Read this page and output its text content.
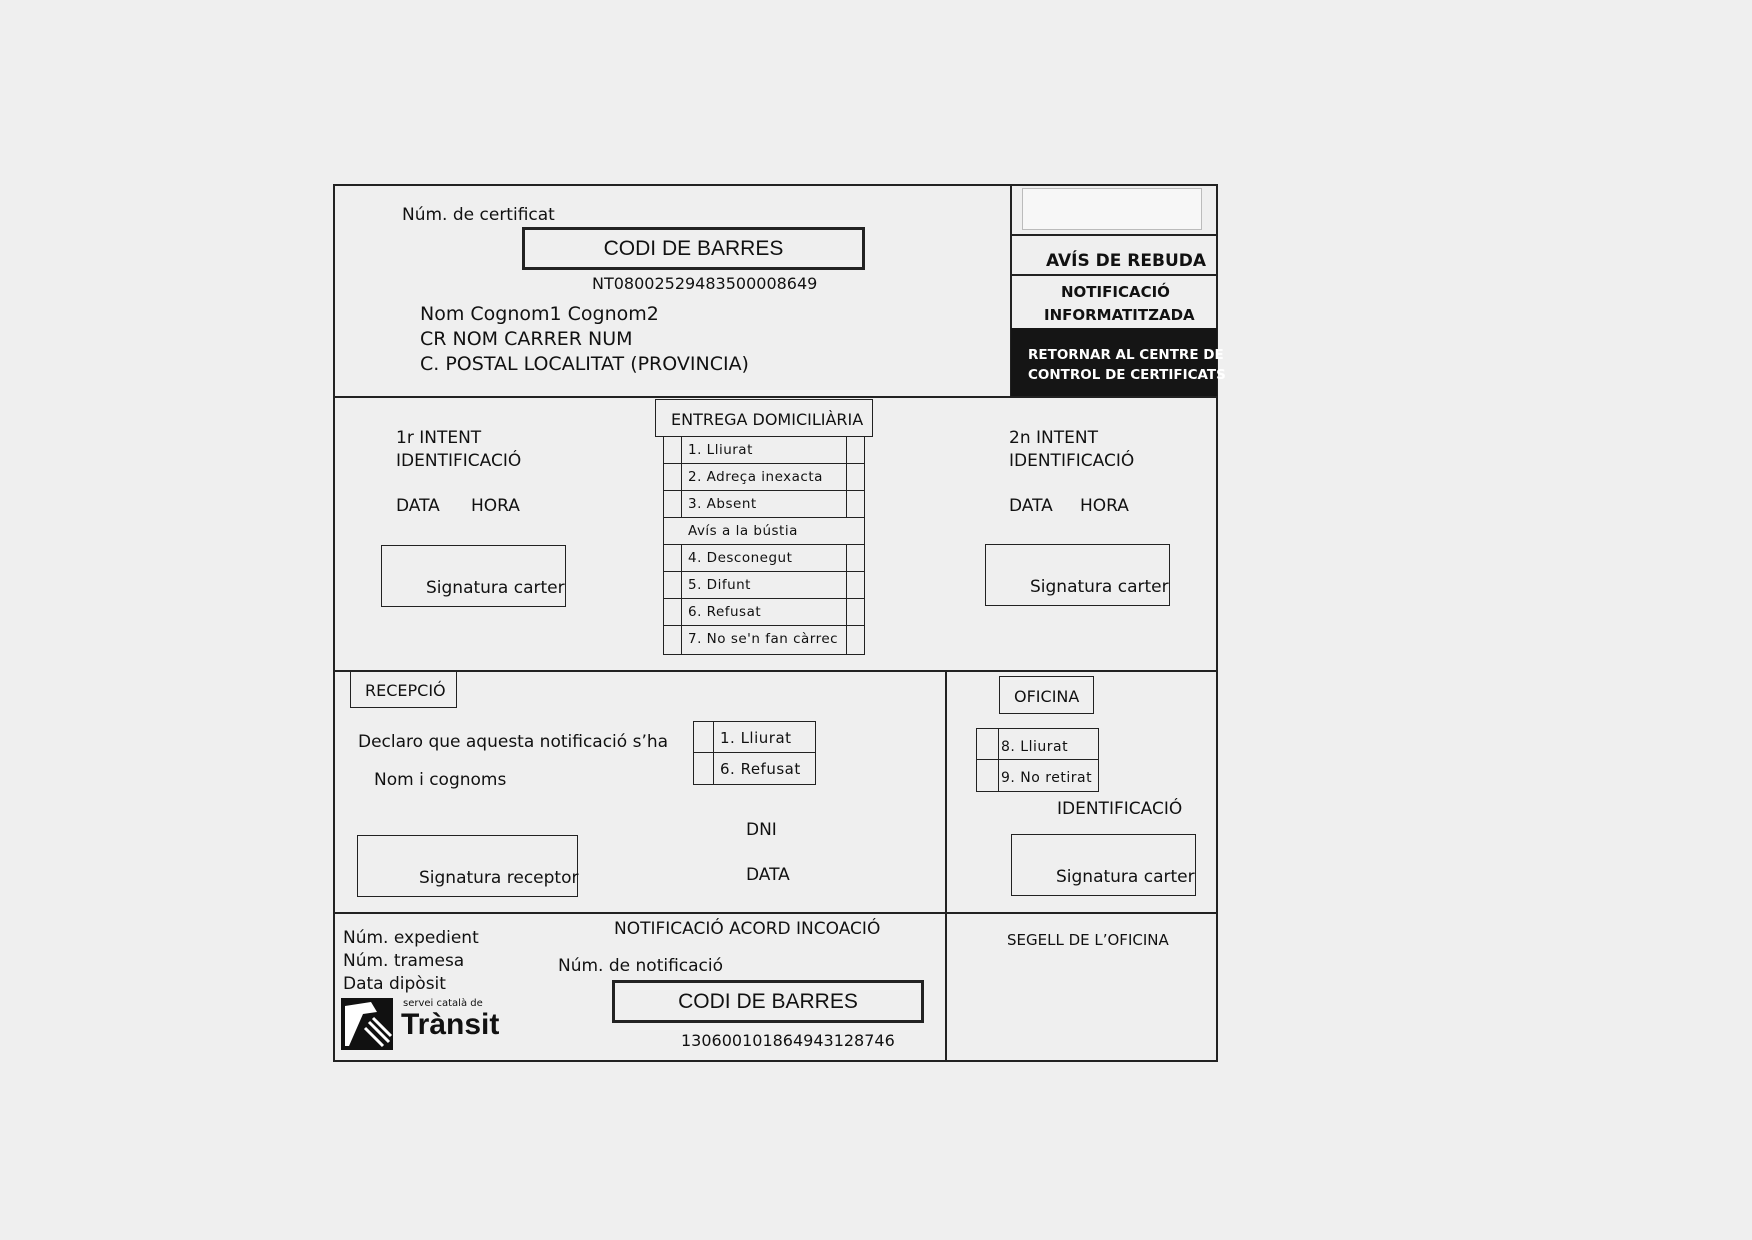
Núm. de certificat
CODI DE BARRES
NT08002529483500008649
Nom Cognom1 Cognom2
CR NOM CARRER NUM
C. POSTAL LOCALITAT (PROVINCIA)
AVÍS DE REBUDA
NOTIFICACIÓ
INFORMATITZADA
RETORNAR AL CENTRE DE
CONTROL DE CERTIFICATS
1r INTENT
IDENTIFICACIÓ
DATA HORA
Signatura carter
ENTREGA DOMICILIÀRIA
1. Lliurat
2. Adreça inexacta
3. Absent
Avís a la bústia
4. Desconegut
5. Difunt
6. Refusat
7. No se'n fan càrrec
2n INTENT
IDENTIFICACIÓ
DATA HORA
Signatura carter
RECEPCIÓ
Declaro que aquesta notificació s’ha
Nom i cognoms
1. Lliurat
6. Refusat
DNI
DATA
Signatura receptor
OFICINA
8. Lliurat
9. No retirat
IDENTIFICACIÓ
Signatura carter
SEGELL DE L’OFICINA
Núm. expedient
Núm. tramesa
Data dipòsit
servei català de
Trànsit
NOTIFICACIÓ ACORD INCOACIÓ
Núm. de notificació
CODI DE BARRES
130600101864943128746
